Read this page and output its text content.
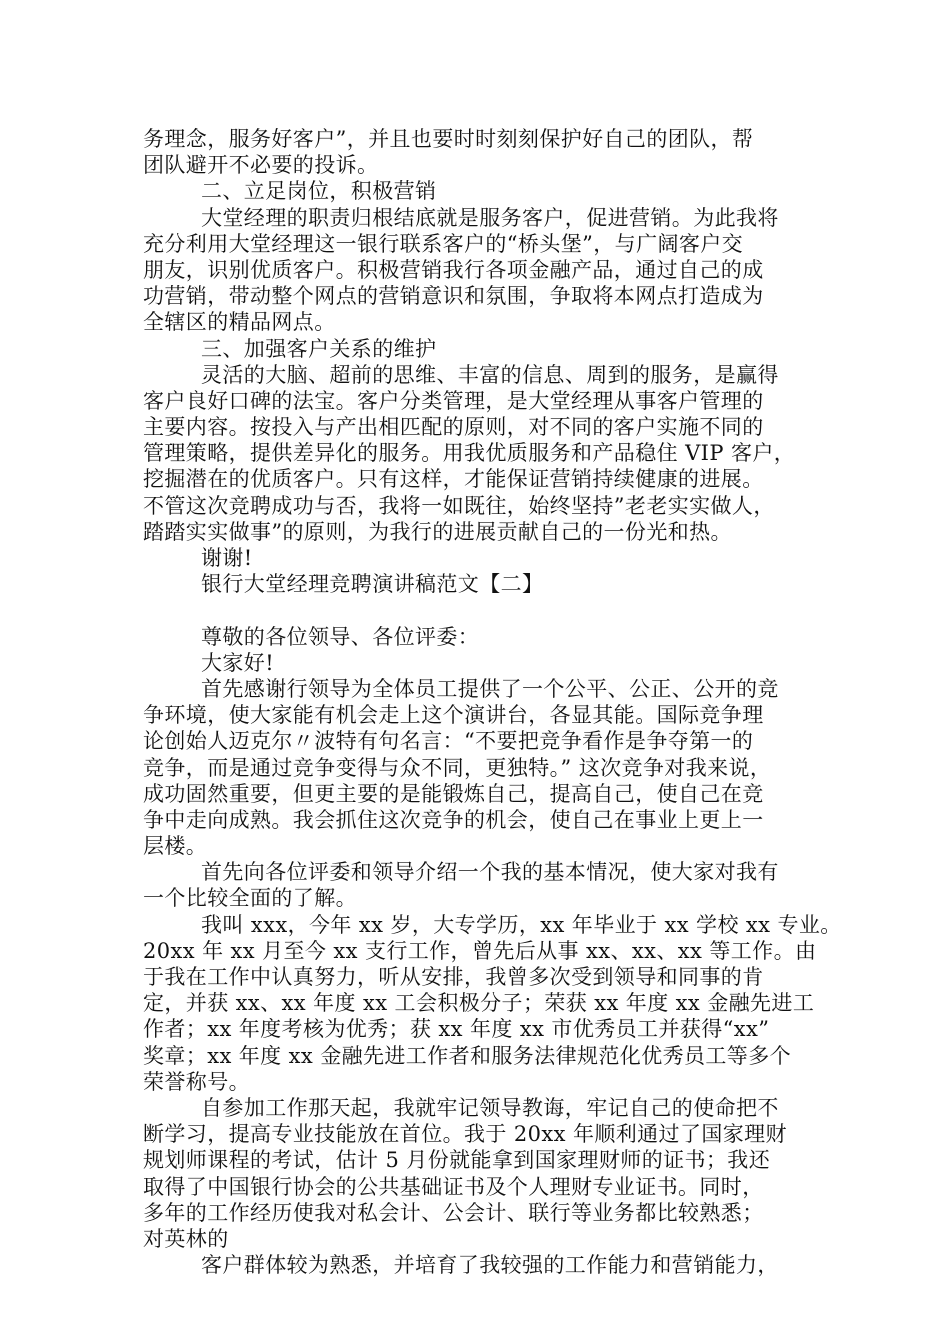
务理念，服务好客户”，并且也要时时刻刻保护好自己的团队，帮
团队避开不必要的投诉。
二、立足岗位，积极营销
大堂经理的职责归根结底就是服务客户，促进营销。为此我将
充分利用大堂经理这一银行联系客户的“桥头堡”，与广阔客户交
朋友，识别优质客户。积极营销我行各项金融产品，通过自己的成
功营销，带动整个网点的营销意识和氛围，争取将本网点打造成为
全辖区的精品网点。
三、加强客户关系的维护
灵活的大脑、超前的思维、丰富的信息、周到的服务，是赢得
客户良好口碑的法宝。客户分类管理，是大堂经理从事客户管理的
主要内容。按投入与产出相匹配的原则，对不同的客户实施不同的
管理策略，提供差异化的服务。用我优质服务和产品稳住 VIP 客户，
挖掘潜在的优质客户。只有这样，才能保证营销持续健康的进展。
不管这次竞聘成功与否，我将一如既往，始终坚持”老老实实做人，
踏踏实实做事”的原则，为我行的进展贡献自己的一份光和热。
谢谢!
银行大堂经理竞聘演讲稿范文【二】
尊敬的各位领导、各位评委：
大家好!
首先感谢行领导为全体员工提供了一个公平、公正、公开的竞
争环境，使大家能有机会走上这个演讲台，各显其能。国际竞争理
论创始人迈克尔〃波特有句名言：“不要把竞争看作是争夺第一的
竞争，而是通过竞争变得与众不同，更独特。” 这次竞争对我来说，
成功固然重要，但更主要的是能锻炼自己，提高自己，使自己在竞
争中走向成熟。我会抓住这次竞争的机会，使自己在事业上更上一
层楼。
首先向各位评委和领导介绍一个我的基本情况，使大家对我有
一个比较全面的了解。
我叫 xxx，今年 xx 岁，大专学历，xx 年毕业于 xx 学校 xx 专业。
20xx 年 xx 月至今 xx 支行工作，曾先后从事 xx、xx、xx 等工作。由
于我在工作中认真努力，听从安排，我曾多次受到领导和同事的肯
定，并获 xx、xx 年度 xx 工会积极分子；荣获 xx 年度 xx 金融先进工
作者；xx 年度考核为优秀；获 xx 年度 xx 市优秀员工并获得“xx”
奖章；xx 年度 xx 金融先进工作者和服务法律规范化优秀员工等多个
荣誉称号。
自参加工作那天起，我就牢记领导教诲，牢记自己的使命把不
断学习，提高专业技能放在首位。我于 20xx 年顺利通过了国家理财
规划师课程的考试，估计 5 月份就能拿到国家理财师的证书；我还
取得了中国银行协会的公共基础证书及个人理财专业证书。同时，
多年的工作经历使我对私会计、公会计、联行等业务都比较熟悉；
对英林的
客户群体较为熟悉，并培育了我较强的工作能力和营销能力，
